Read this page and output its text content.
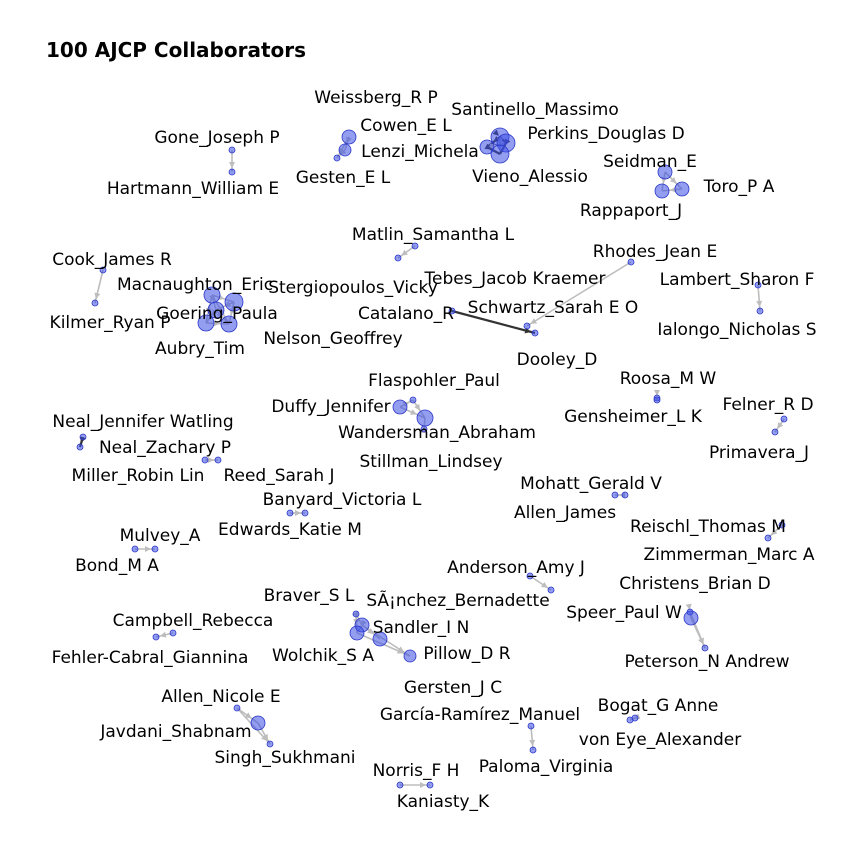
100 AJCP Collaborators
Weissberg_R P
Cowen_E L
Lenzi_Michela
Gesten_E L
Santinello_Massimo
Perkins_Douglas D
Vieno_Alessio
Gone_Joseph P
Hartmann_William E
Seidman_E
Toro_P A
Rappaport_J
Matlin_Samantha L
Tebes_Jacob Kraemer
Rhodes_Jean E
Lambert_Sharon F
Ialongo_Nicholas S
Cook_James R
Kilmer_Ryan P
Macnaughton_Eric
Stergiopoulos_Vicky
Goering_Paula
Aubry_Tim Nelson_Geoffrey
Catalano_R Schwartz_Sarah E O
Dooley_D
Flaspohler_Paul
Duffy_Jennifer
Wandersman_Abraham
Stillman_Lindsey
Roosa_M W
Gensheimer_L K
Felner_R D
Primavera_J
Neal_Jennifer Watling
Neal_Zachary P
Miller_Robin Lin Reed_Sarah J
Banyard_Victoria L
Edwards_Katie M
Mohatt_Gerald V
Allen_James
Reischl_Thomas M
Zimmerman_Marc A
Mulvey_A
Bond_M A	Anderson_Amy J
Christens_Brian D
Braver_S L SÃ¡nchez_Bernadette
Sandler_I N
Wolchik_S A	Pillow_D R
Speer_Paul W
Peterson_N Andrew
Campbell_Rebecca
Fehler-Cabral_Giannina
Gersten_J C
Allen_Nicole E
Javdani_Shabnam
Singh_Sukhmani
García-Ramírez_Manuel
Paloma_Virginia
Bogat_G Anne
von Eye_Alexander
Norris_F H
Kaniasty_K
